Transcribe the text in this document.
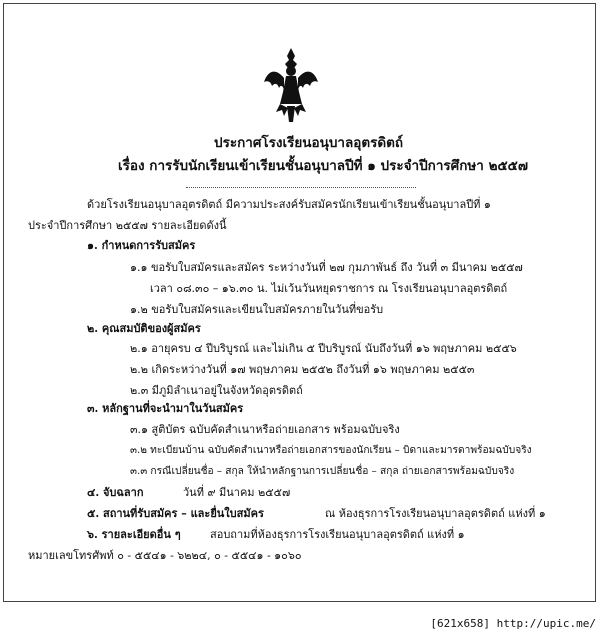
ประกาศโรงเรียนอนุบาลอุตรดิตถ์
เรื่อง การรับนักเรียนเข้าเรียนชั้นอนุบาลปีที่ ๑ ประจำปีการศึกษา ๒๕๕๗
ด้วยโรงเรียนอนุบาลอุตรดิตถ์ มีความประสงค์รับสมัครนักเรียนเข้าเรียนชั้นอนุบาลปีที่ ๑
ประจำปีการศึกษา ๒๕๕๗ รายละเอียดดังนี้
๑. กำหนดการรับสมัคร
๑.๑ ขอรับใบสมัครและสมัคร ระหว่างวันที่ ๒๗ กุมภาพันธ์ ถึง วันที่ ๓ มีนาคม ๒๕๕๗
เวลา ๐๘.๓๐ – ๑๖.๓๐ น. ไม่เว้นวันหยุดราชการ ณ โรงเรียนอนุบาลอุตรดิตถ์
๑.๒ ขอรับใบสมัครและเขียนใบสมัครภายในวันที่ขอรับ
๒. คุณสมบัติของผู้สมัคร
๒.๑ อายุครบ ๔ ปีบริบูรณ์ และไม่เกิน ๕ ปีบริบูรณ์ นับถึงวันที่ ๑๖ พฤษภาคม ๒๕๕๖
๒.๒ เกิดระหว่างวันที่ ๑๗ พฤษภาคม ๒๕๕๒ ถึงวันที่ ๑๖ พฤษภาคม ๒๕๕๓
๒.๓ มีภูมิลำเนาอยู่ในจังหวัดอุตรดิตถ์
๓. หลักฐานที่จะนำมาในวันสมัคร
๓.๑ สูติบัตร ฉบับคัดสำเนาหรือถ่ายเอกสาร พร้อมฉบับจริง
๓.๒ ทะเบียนบ้าน ฉบับคัดสำเนาหรือถ่ายเอกสารของนักเรียน – บิดาและมารดาพร้อมฉบับจริง
๓.๓ กรณีเปลี่ยนชื่อ – สกุล ให้นำหลักฐานการเปลี่ยนชื่อ – สกุล ถ่ายเอกสารพร้อมฉบับจริง
๔. จับฉลาก	วันที่ ๙ มีนาคม ๒๕๕๗
๕. สถานที่รับสมัคร – และยื่นใบสมัคร	ณ ห้องธุรการโรงเรียนอนุบาลอุตรดิตถ์ แห่งที่ ๑
๖. รายละเอียดอื่น ๆ	สอบถามที่ห้องธุรการโรงเรียนอนุบาลอุตรดิตถ์ แห่งที่ ๑
หมายเลขโทรศัพท์ ๐ - ๕๕๔๑ - ๖๒๒๔, ๐ - ๕๕๔๑ - ๑๐๖๐
[621x658] http://upic.me/
